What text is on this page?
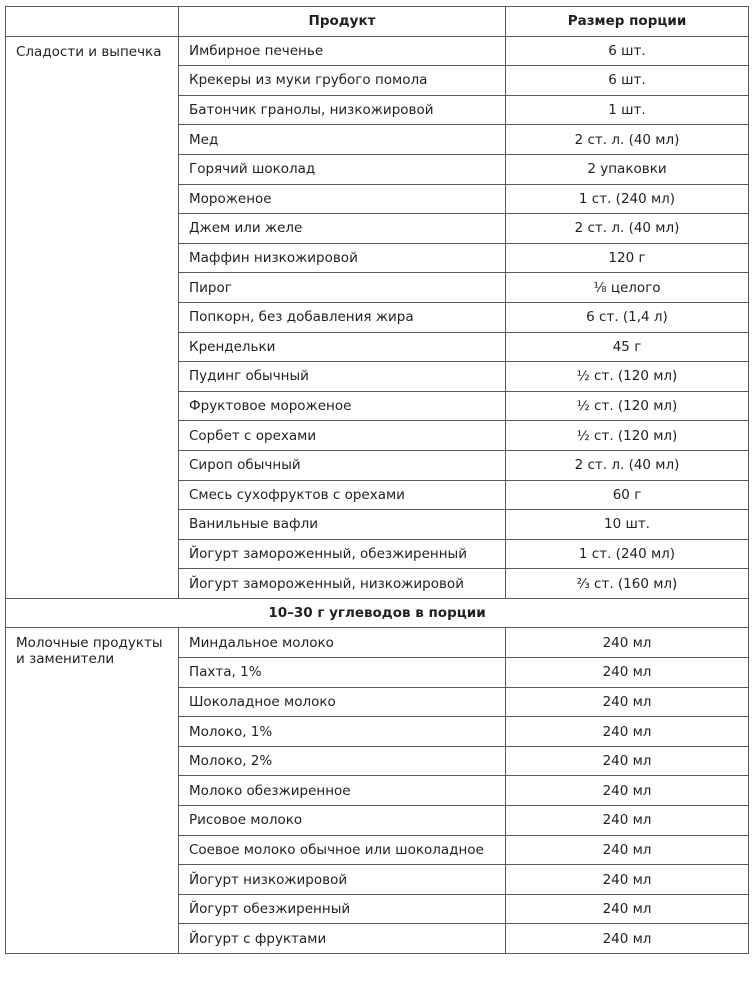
	Продукт	Размер порции
Сладости и выпечка	Имбирное печенье	6 шт.
	Крекеры из муки грубого помола	6 шт.
	Батончик гранолы, низкожировой	1 шт.
	Мед	2 ст. л. (40 мл)
	Горячий шоколад	2 упаковки
	Мороженое	1 ст. (240 мл)
	Джем или желе	2 ст. л. (40 мл)
	Маффин низкожировой	120 г
	Пирог	⅛ целого
	Попкорн, без добавления жира	6 ст. (1,4 л)
	Крендельки	45 г
	Пудинг обычный	½ ст. (120 мл)
	Фруктовое мороженое	½ ст. (120 мл)
	Сорбет с орехами	½ ст. (120 мл)
	Сироп обычный	2 ст. л. (40 мл)
	Смесь сухофруктов с орехами	60 г
	Ванильные вафли	10 шт.
	Йогурт замороженный, обезжиренный	1 ст. (240 мл)
	Йогурт замороженный, низкожировой	⅔ ст. (160 мл)
10–30 г углеводов в порции		
Молочные продукты и заменители	Миндальное молоко	240 мл
	Пахта, 1%	240 мл
	Шоколадное молоко	240 мл
	Молоко, 1%	240 мл
	Молоко, 2%	240 мл
	Молоко обезжиренное	240 мл
	Рисовое молоко	240 мл
	Соевое молоко обычное или шоколадное	240 мл
	Йогурт низкожировой	240 мл
	Йогурт обезжиренный	240 мл
	Йогурт с фруктами	240 мл
